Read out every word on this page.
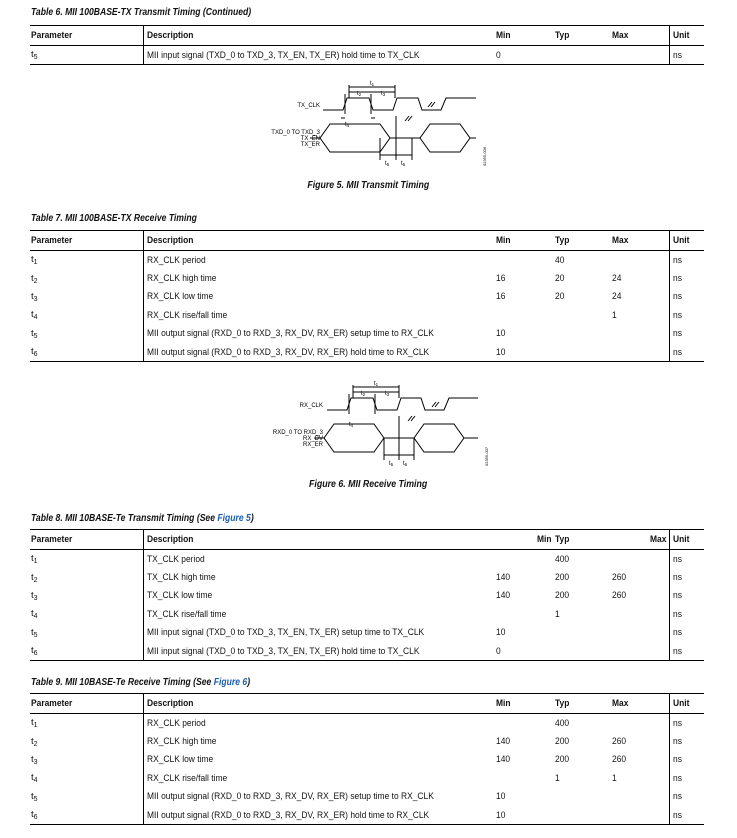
Table 6. MII 100BASE-TX Transmit Timing (Continued)
Parameter	Description	Min	Typ	Max	Unit
$t_5$	MII input signal (TXD_0 to TXD_3, TX_EN, TX_ER) hold time to TX_CLK	0			ns
TX_CLK
TXD_0 TO TXD_3
TX_EN
TX_ER
t1
t2	t3
t4
t5 t6	02355-006
Figure 5. MII Transmit Timing
Table 7. MII 100BASE-TX Receive Timing
Parameter	Description	Min	Typ	Max	Unit
$t_1$	RX_CLK period		40		ns
$t_2$	RX_CLK high time	16	20	24	ns
$t_3$	RX_CLK low time	16	20	24	ns
$t_4$	RX_CLK rise/fall time			1	ns
$t_5$	MII output signal (RXD_0 to RXD_3, RX_DV, RX_ER) setup time to RX_CLK	10			ns
$t_6$	MII output signal (RXD_0 to RXD_3, RX_DV, RX_ER) hold time to RX_CLK	10			ns
RX_CLK
RXD_0 TO RXD_3
RX_DV
RX_ER
t1
t2	t3
t4
t5 t6	02355-007
Figure 6. MII Receive Timing
Table 8. MII 10BASE-Te Transmit Timing (See Figure 5)
Parameter	Description	Min	Typ	Max	Unit
$t_1$	TX_CLK period		400		ns
$t_2$	TX_CLK high time	140	200	260	ns
$t_3$	TX_CLK low time	140	200	260	ns
$t_4$	TX_CLK rise/fall time		1		ns
$t_5$	MII input signal (TXD_0 to TXD_3, TX_EN, TX_ER) setup time to TX_CLK	10			ns
$t_6$	MII input signal (TXD_0 to TXD_3, TX_EN, TX_ER) hold time to TX_CLK	0			ns
Table 9. MII 10BASE-Te Receive Timing (See Figure 6)
Parameter	Description	Min	Typ	Max	Unit
$t_1$	RX_CLK period		400		ns
$t_2$	RX_CLK high time	140	200	260	ns
$t_3$	RX_CLK low time	140	200	260	ns
$t_4$	RX_CLK rise/fall time		1	1	ns
$t_5$	MII output signal (RXD_0 to RXD_3, RX_DV, RX_ER) setup time to RX_CLK	10			ns
$t_6$	MII output signal (RXD_0 to RXD_3, RX_DV, RX_ER) hold time to RX_CLK	10			ns
